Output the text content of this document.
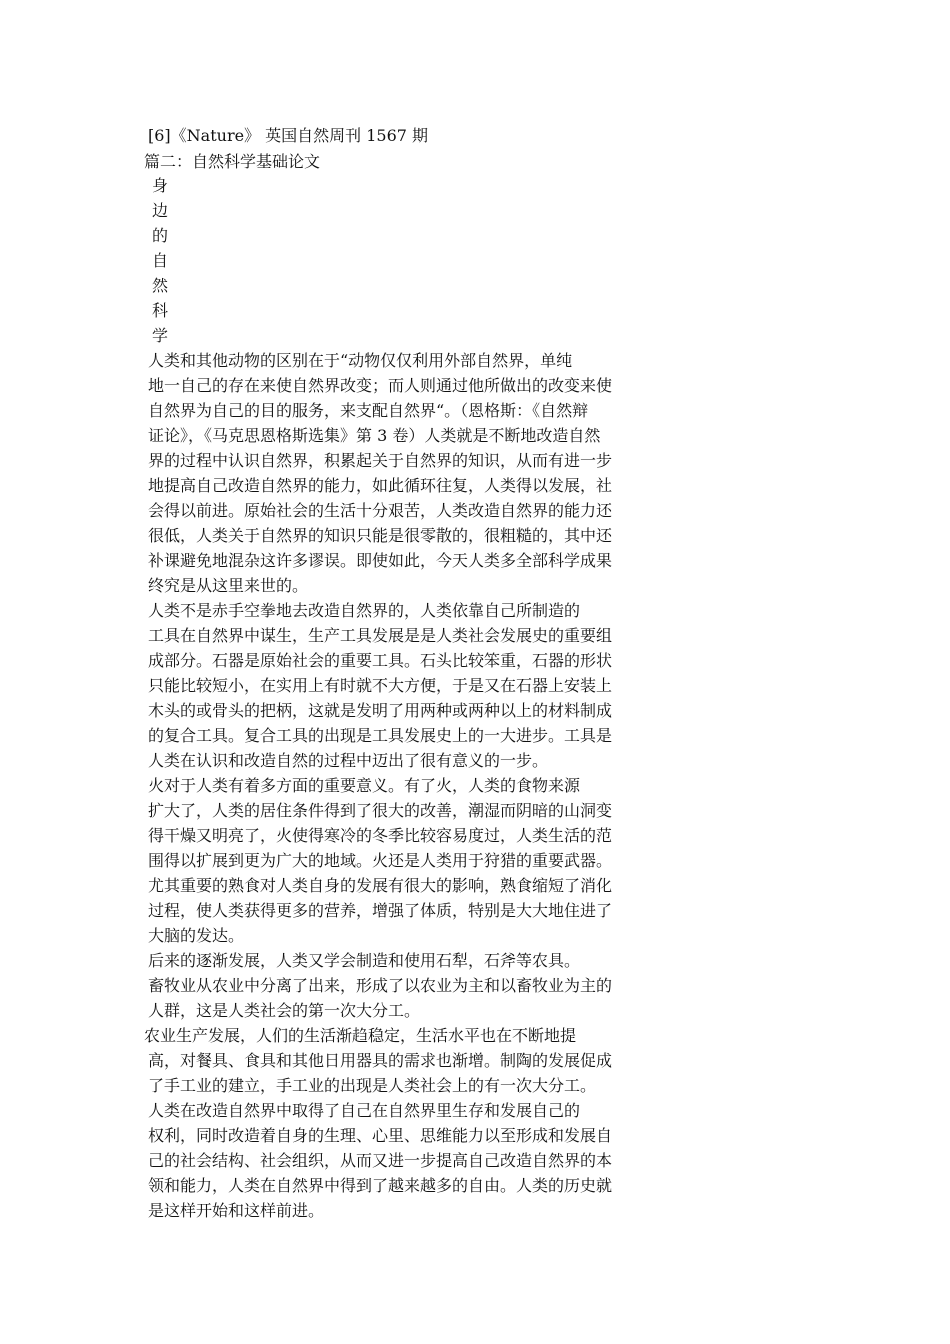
[6]《Nature》 英国自然周刊 1567 期
篇二：自然科学基础论文
身
边
的
自
然
科
学
人类和其他动物的区别在于“动物仅仅利用外部自然界，单纯
地一自己的存在来使自然界改变；而人则通过他所做出的改变来使
自然界为自己的目的服务，来支配自然界“。（恩格斯：《自然辩
证论》，《马克思恩格斯选集》第 3 卷）人类就是不断地改造自然
界的过程中认识自然界，积累起关于自然界的知识，从而有进一步
地提高自己改造自然界的能力，如此循环往复，人类得以发展，社
会得以前进。原始社会的生活十分艰苦，人类改造自然界的能力还
很低，人类关于自然界的知识只能是很零散的，很粗糙的，其中还
补课避免地混杂这许多谬误。即使如此，今天人类多全部科学成果
终究是从这里来世的。
人类不是赤手空拳地去改造自然界的，人类依靠自己所制造的
工具在自然界中谋生，生产工具发展是是人类社会发展史的重要组
成部分。石器是原始社会的重要工具。石头比较笨重，石器的形状
只能比较短小，在实用上有时就不大方便，于是又在石器上安装上
木头的或骨头的把柄，这就是发明了用两种或两种以上的材料制成
的复合工具。复合工具的出现是工具发展史上的一大进步。工具是
人类在认识和改造自然的过程中迈出了很有意义的一步。
火对于人类有着多方面的重要意义。有了火，人类的食物来源
扩大了，人类的居住条件得到了很大的改善，潮湿而阴暗的山洞变
得干燥又明亮了，火使得寒冷的冬季比较容易度过，人类生活的范
围得以扩展到更为广大的地域。火还是人类用于狩猎的重要武器。
尤其重要的熟食对人类自身的发展有很大的影响，熟食缩短了消化
过程，使人类获得更多的营养，增强了体质，特别是大大地住进了
大脑的发达。
后来的逐渐发展，人类又学会制造和使用石犁，石斧等农具。
畜牧业从农业中分离了出来，形成了以农业为主和以畜牧业为主的
人群，这是人类社会的第一次大分工。
农业生产发展，人们的生活渐趋稳定，生活水平也在不断地提
高，对餐具、食具和其他日用器具的需求也渐增。制陶的发展促成
了手工业的建立，手工业的出现是人类社会上的有一次大分工。
人类在改造自然界中取得了自己在自然界里生存和发展自己的
权利，同时改造着自身的生理、心里、思维能力以至形成和发展自
己的社会结构、社会组织，从而又进一步提高自己改造自然界的本
领和能力，人类在自然界中得到了越来越多的自由。人类的历史就
是这样开始和这样前进。
